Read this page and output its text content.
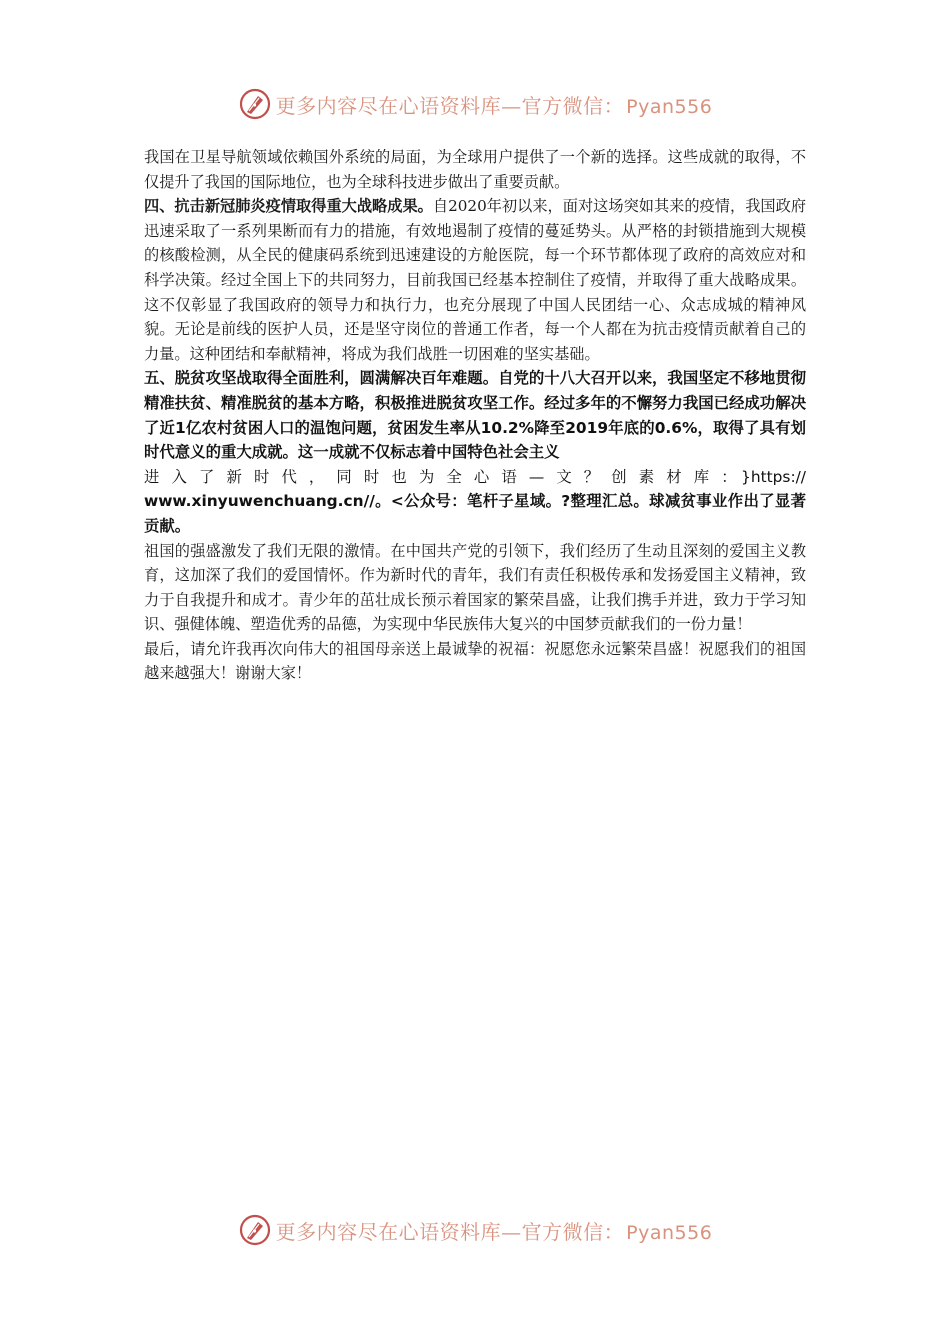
更多内容尽在心语资料库—官方微信： Pyan556

我国在卫星导航领域依赖国外系统的局面，为全球用户提供了一个新的选择。这些成就的取得，不仅提升了我国的国际地位，也为全球科技进步做出了重要贡献。

四、抗击新冠肺炎疫情取得重大战略成果。自2020年初以来，面对这场突如其来的疫情，我国政府迅速采取了一系列果断而有力的措施，有效地遏制了疫情的蔓延势头。从严格的封锁措施到大规模的核酸检测，从全民的健康码系统到迅速建设的方舱医院，每一个环节都体现了政府的高效应对和科学决策。经过全国上下的共同努力，目前我国已经基本控制住了疫情，并取得了重大战略成果。这不仅彰显了我国政府的领导力和执行力，也充分展现了中国人民团结一心、众志成城的精神风貌。无论是前线的医护人员，还是坚守岗位的普通工作者，每一个人都在为抗击疫情贡献着自己的力量。这种团结和奉献精神，将成为我们战胜一切困难的坚实基础。

五、脱贫攻坚战取得全面胜利，圆满解决百年难题。自党的十八大召开以来，我国坚定不移地贯彻精准扶贫、精准脱贫的基本方略，积极推进脱贫攻坚工作。经过多年的不懈努力我国已经成功解决了近1亿农村贫困人口的温饱问题，贫困发生率从10.2%降至2019年底的0.6%，取得了具有划时代意义的重大成就。这一成就不仅标志着中国特色社会主义

进入了新时代，同时也为全心语—文？创素材库：}https://

www.xinyuwenchuang.cn//。<公众号：笔杆子星域。?整理汇总。球减贫事业作出了显著贡献。

祖国的强盛激发了我们无限的激情。在中国共产党的引领下，我们经历了生动且深刻的爱国主义教育，这加深了我们的爱国情怀。作为新时代的青年，我们有责任积极传承和发扬爱国主义精神，致力于自我提升和成才。青少年的茁壮成长预示着国家的繁荣昌盛，让我们携手并进，致力于学习知识、强健体魄、塑造优秀的品德，为实现中华民族伟大复兴的中国梦贡献我们的一份力量！

最后，请允许我再次向伟大的祖国母亲送上最诚挚的祝福：祝愿您永远繁荣昌盛！祝愿我们的祖国越来越强大！谢谢大家！

更多内容尽在心语资料库—官方微信： Pyan556
